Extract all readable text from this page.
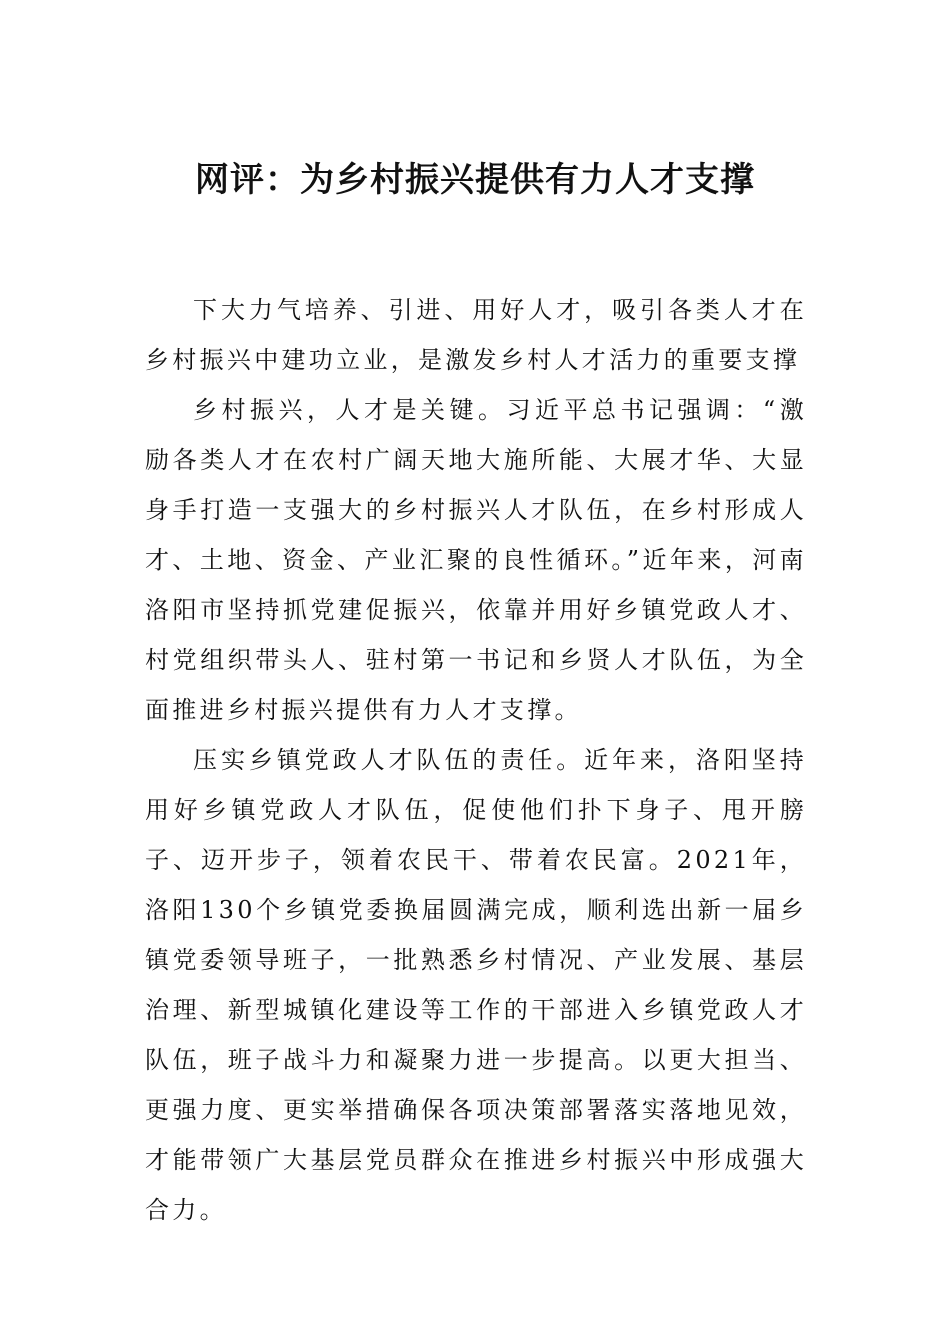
网评：为乡村振兴提供有力人才支撑

下大力气培养、引进、用好人才，吸引各类人才在乡村振兴中建功立业，是激发乡村人才活力的重要支撑

乡村振兴，人才是关键。习近平总书记强调：“激励各类人才在农村广阔天地大施所能、大展才华、大显身手打造一支强大的乡村振兴人才队伍，在乡村形成人才、土地、资金、产业汇聚的良性循环。”近年来，河南洛阳市坚持抓党建促振兴，依靠并用好乡镇党政人才、村党组织带头人、驻村第一书记和乡贤人才队伍，为全面推进乡村振兴提供有力人才支撑。

压实乡镇党政人才队伍的责任。近年来，洛阳坚持用好乡镇党政人才队伍，促使他们扑下身子、甩开膀子、迈开步子，领着农民干、带着农民富。2021年，洛阳130个乡镇党委换届圆满完成，顺利选出新一届乡镇党委领导班子，一批熟悉乡村情况、产业发展、基层治理、新型城镇化建设等工作的干部进入乡镇党政人才队伍，班子战斗力和凝聚力进一步提高。以更大担当、更强力度、更实举措确保各项决策部署落实落地见效，才能带领广大基层党员群众在推进乡村振兴中形成强大合力。
